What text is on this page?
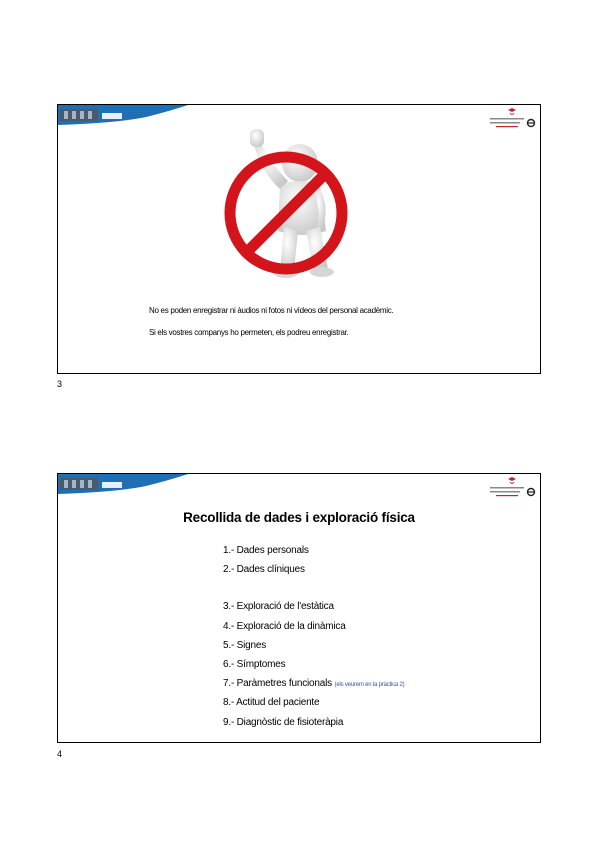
No es poden enregistrar ni àudios ni fotos ni vídeos del personal acadèmic.
Si els vostres companys ho permeten, els podreu enregistrar.
3
Recollida de dades i exploració física
1.- Dades personals
2.- Dades clíniques
3.- Exploració de l'estàtica
4.- Exploració de la dinàmica
5.- Signes
6.- Símptomes
7.- Paràmetres funcionals (els veurem en la pràctica 2)
8.- Actitud del paciente
9.- Diagnòstic de fisioteràpia
4
